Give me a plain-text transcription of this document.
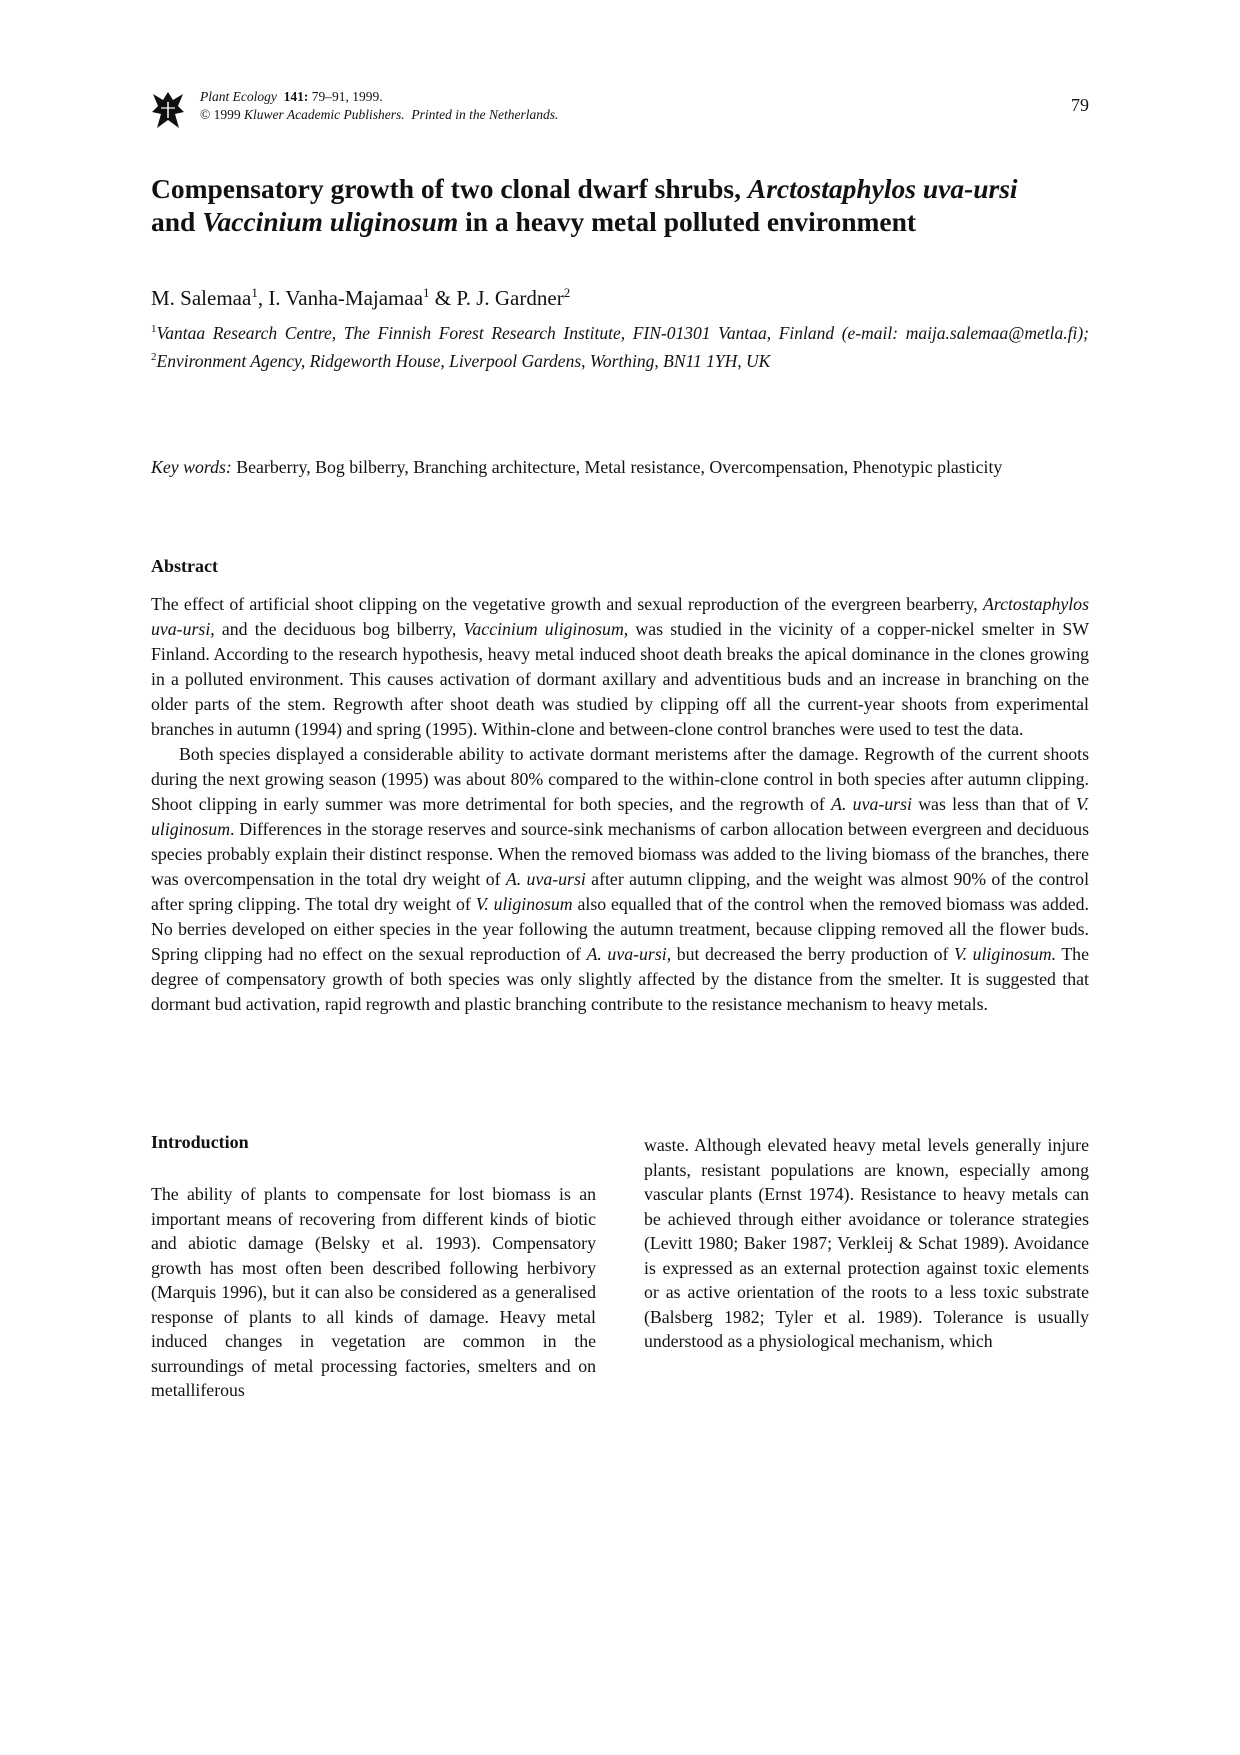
Plant Ecology 141: 79–91, 1999.
© 1999 Kluwer Academic Publishers. Printed in the Netherlands.	79
Compensatory growth of two clonal dwarf shrubs, Arctostaphylos uva-ursi
and Vaccinium uliginosum in a heavy metal polluted environment
M. Salemaa$^1$, I. Vanha-Majamaa$^1$ & P. J. Gardner$^2$
$^1$Vantaa Research Centre, The Finnish Forest Research Institute, FIN-01301 Vantaa, Finland (e-mail: maija.salemaa@metla.fi); $^2$Environment Agency, Ridgeworth House, Liverpool Gardens, Worthing, BN11 1YH, UK
Key words: Bearberry, Bog bilberry, Branching architecture, Metal resistance, Overcompensation, Phenotypic plasticity
Abstract

The effect of artificial shoot clipping on the vegetative growth and sexual reproduction of the evergreen bearberry, Arctostaphylos uva-ursi, and the deciduous bog bilberry, Vaccinium uliginosum, was studied in the vicinity of a copper-nickel smelter in SW Finland. According to the research hypothesis, heavy metal induced shoot death breaks the apical dominance in the clones growing in a polluted environment. This causes activation of dormant axillary and adventitious buds and an increase in branching on the older parts of the stem. Regrowth after shoot death was studied by clipping off all the current-year shoots from experimental branches in autumn (1994) and spring (1995). Within-clone and between-clone control branches were used to test the data.

Both species displayed a considerable ability to activate dormant meristems after the damage. Regrowth of the current shoots during the next growing season (1995) was about 80% compared to the within-clone control in both species after autumn clipping. Shoot clipping in early summer was more detrimental for both species, and the regrowth of A. uva-ursi was less than that of V. uliginosum. Differences in the storage reserves and source-sink mechanisms of carbon allocation between evergreen and deciduous species probably explain their distinct response. When the removed biomass was added to the living biomass of the branches, there was overcompensation in the total dry weight of A. uva-ursi after autumn clipping, and the weight was almost 90% of the control after spring clipping. The total dry weight of V. uliginosum also equalled that of the control when the removed biomass was added. No berries developed on either species in the year following the autumn treatment, because clipping removed all the flower buds. Spring clipping had no effect on the sexual reproduction of A. uva-ursi, but decreased the berry production of V. uliginosum. The degree of compensatory growth of both species was only slightly affected by the distance from the smelter. It is suggested that dormant bud activation, rapid regrowth and plastic branching contribute to the resistance mechanism to heavy metals.

Introduction

The ability of plants to compensate for lost biomass is an important means of recovering from different kinds of biotic and abiotic damage (Belsky et al. 1993). Compensatory growth has most often been described following herbivory (Marquis 1996), but it can also be considered as a generalised response of plants to all kinds of damage. Heavy metal induced changes in vegetation are common in the surroundings of metal processing factories, smelters and on metalliferous

waste. Although elevated heavy metal levels generally injure plants, resistant populations are known, especially among vascular plants (Ernst 1974). Resistance to heavy metals can be achieved through either avoidance or tolerance strategies (Levitt 1980; Baker 1987; Verkleij & Schat 1989). Avoidance is expressed as an external protection against toxic elements or as active orientation of the roots to a less toxic substrate (Balsberg 1982; Tyler et al. 1989). Tolerance is usually understood as a physiological mechanism, which
